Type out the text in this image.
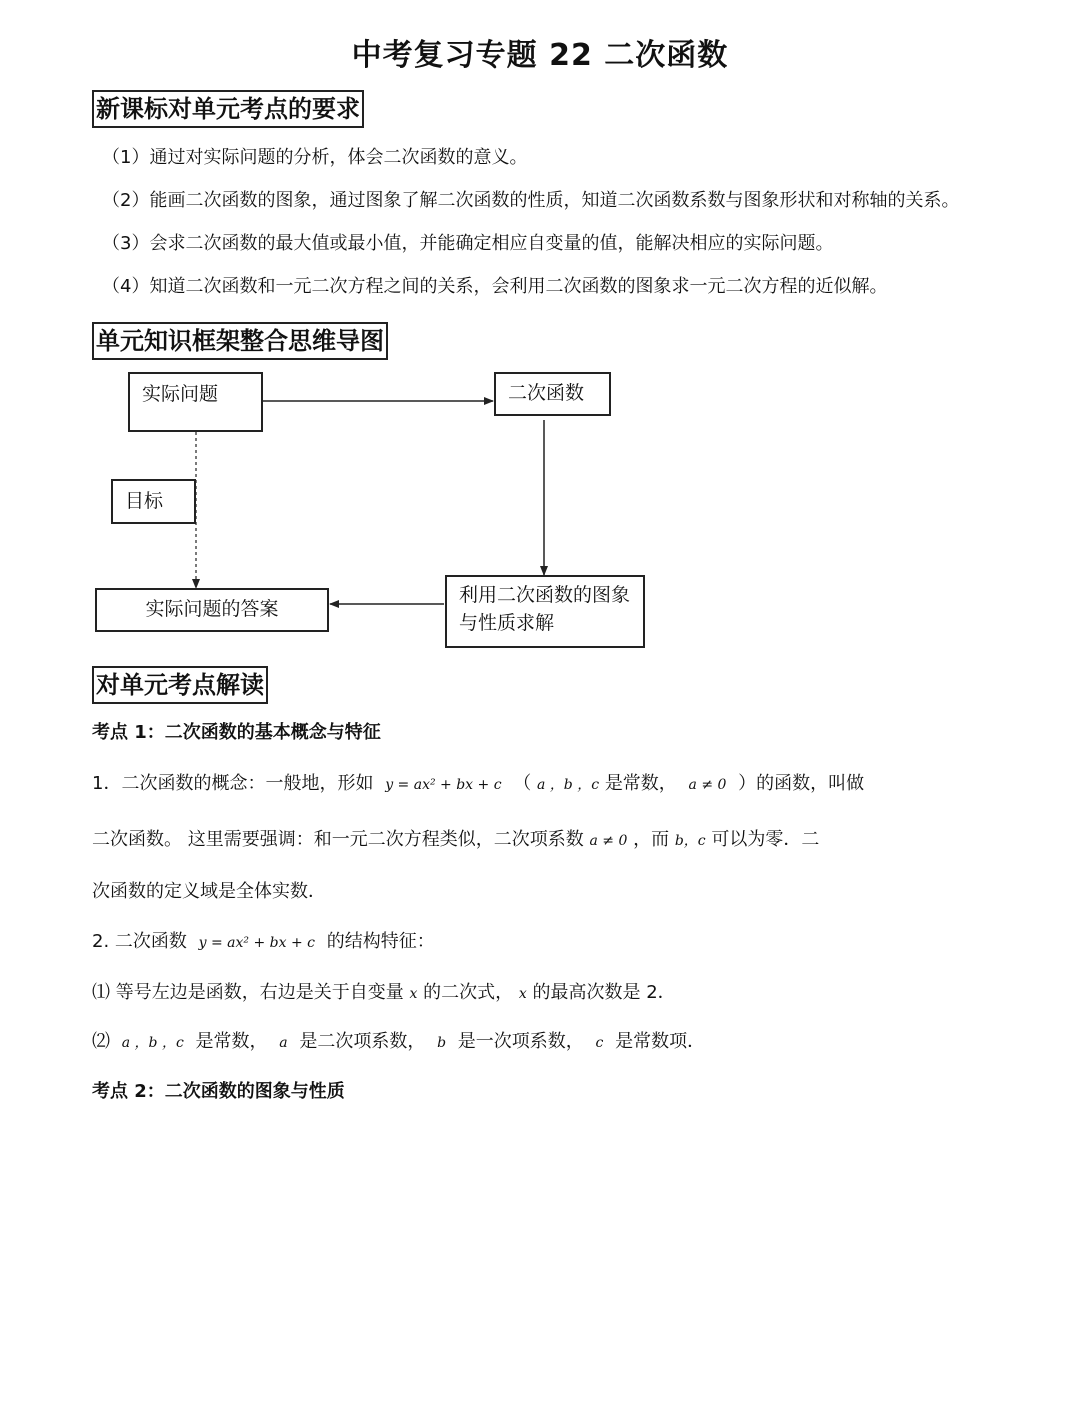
中考复习专题 22 二次函数
新课标对单元考点的要求
（1）通过对实际问题的分析，体会二次函数的意义。
（2）能画二次函数的图象，通过图象了解二次函数的性质，知道二次函数系数与图象形状和对称轴的关系。
（3）会求二次函数的最大值或最小值，并能确定相应自变量的值，能解决相应的实际问题。
（4）知道二次函数和一元二次方程之间的关系，会利用二次函数的图象求一元二次方程的近似解。
单元知识框架整合思维导图
实际问题	二次函数
目标
实际问题的答案
利用二次函数的图象与性质求解
对单元考点解读
考点 1：二次函数的基本概念与特征
1．二次函数的概念：一般地，形如 y = ax² + bx + c （ a ，b ，c 是常数， a ≠ 0 ）的函数，叫做
二次函数。 这里需要强调：和一元二次方程类似，二次项系数 a ≠ 0 ，而 b，c 可以为零．二
次函数的定义域是全体实数．
2. 二次函数 y = ax² + bx + c 的结构特征：
⑴ 等号左边是函数，右边是关于自变量 x 的二次式， x 的最高次数是 2．
⑵ a ，b ，c 是常数， a 是二次项系数， b 是一次项系数， c 是常数项．
考点 2：二次函数的图象与性质
